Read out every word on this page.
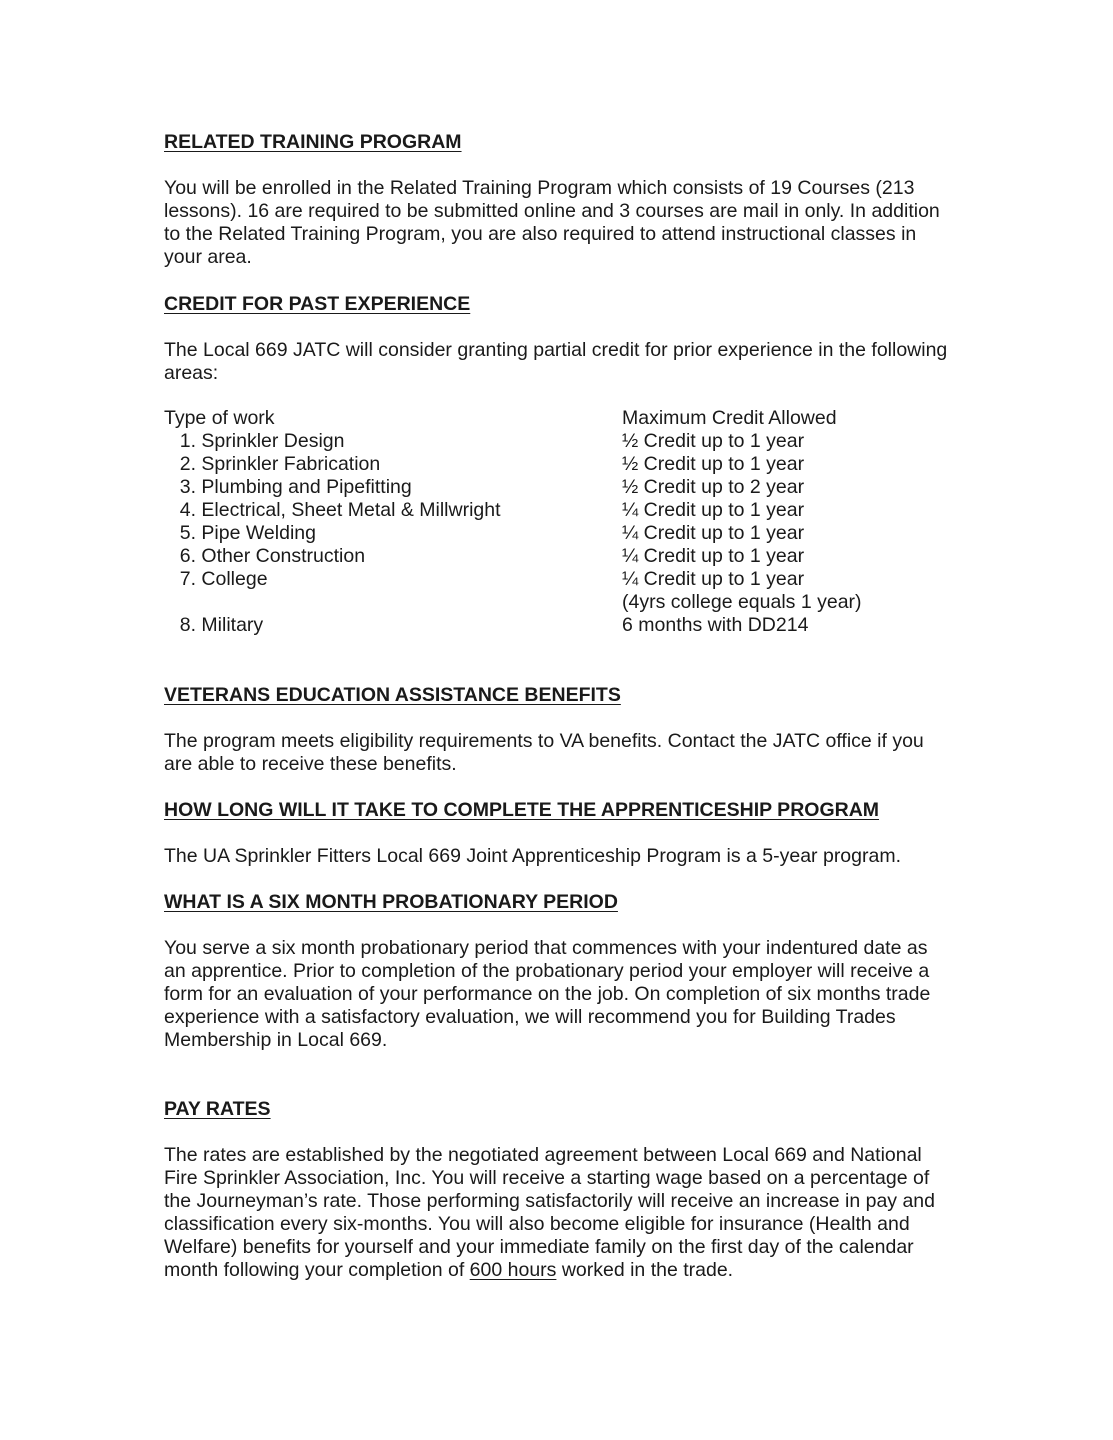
RELATED TRAINING PROGRAM
You will be enrolled in the Related Training Program which consists of 19 Courses (213
lessons). 16 are required to be submitted online and 3 courses are mail in only. In addition
to the Related Training Program, you are also required to attend instructional classes in
your area.
CREDIT FOR PAST EXPERIENCE
The Local 669 JATC will consider granting partial credit for prior experience in the following
areas:
Type of work	Maximum Credit Allowed
1. Sprinkler Design	½ Credit up to 1 year
2. Sprinkler Fabrication	½ Credit up to 1 year
3. Plumbing and Pipefitting	½ Credit up to 2 year
4. Electrical, Sheet Metal & Millwright	¼ Credit up to 1 year
5. Pipe Welding	¼ Credit up to 1 year
6. Other Construction	¼ Credit up to 1 year
7. College	¼ Credit up to 1 year
(4yrs college equals 1 year)
8. Military	6 months with DD214
VETERANS EDUCATION ASSISTANCE BENEFITS
The program meets eligibility requirements to VA benefits. Contact the JATC office if you
are able to receive these benefits.
HOW LONG WILL IT TAKE TO COMPLETE THE APPRENTICESHIP PROGRAM
The UA Sprinkler Fitters Local 669 Joint Apprenticeship Program is a 5-year program.
WHAT IS A SIX MONTH PROBATIONARY PERIOD
You serve a six month probationary period that commences with your indentured date as
an apprentice. Prior to completion of the probationary period your employer will receive a
form for an evaluation of your performance on the job. On completion of six months trade
experience with a satisfactory evaluation, we will recommend you for Building Trades
Membership in Local 669.
PAY RATES
The rates are established by the negotiated agreement between Local 669 and National
Fire Sprinkler Association, Inc. You will receive a starting wage based on a percentage of
the Journeyman’s rate. Those performing satisfactorily will receive an increase in pay and
classification every six-months. You will also become eligible for insurance (Health and
Welfare) benefits for yourself and your immediate family on the first day of the calendar
month following your completion of 600 hours worked in the trade.
